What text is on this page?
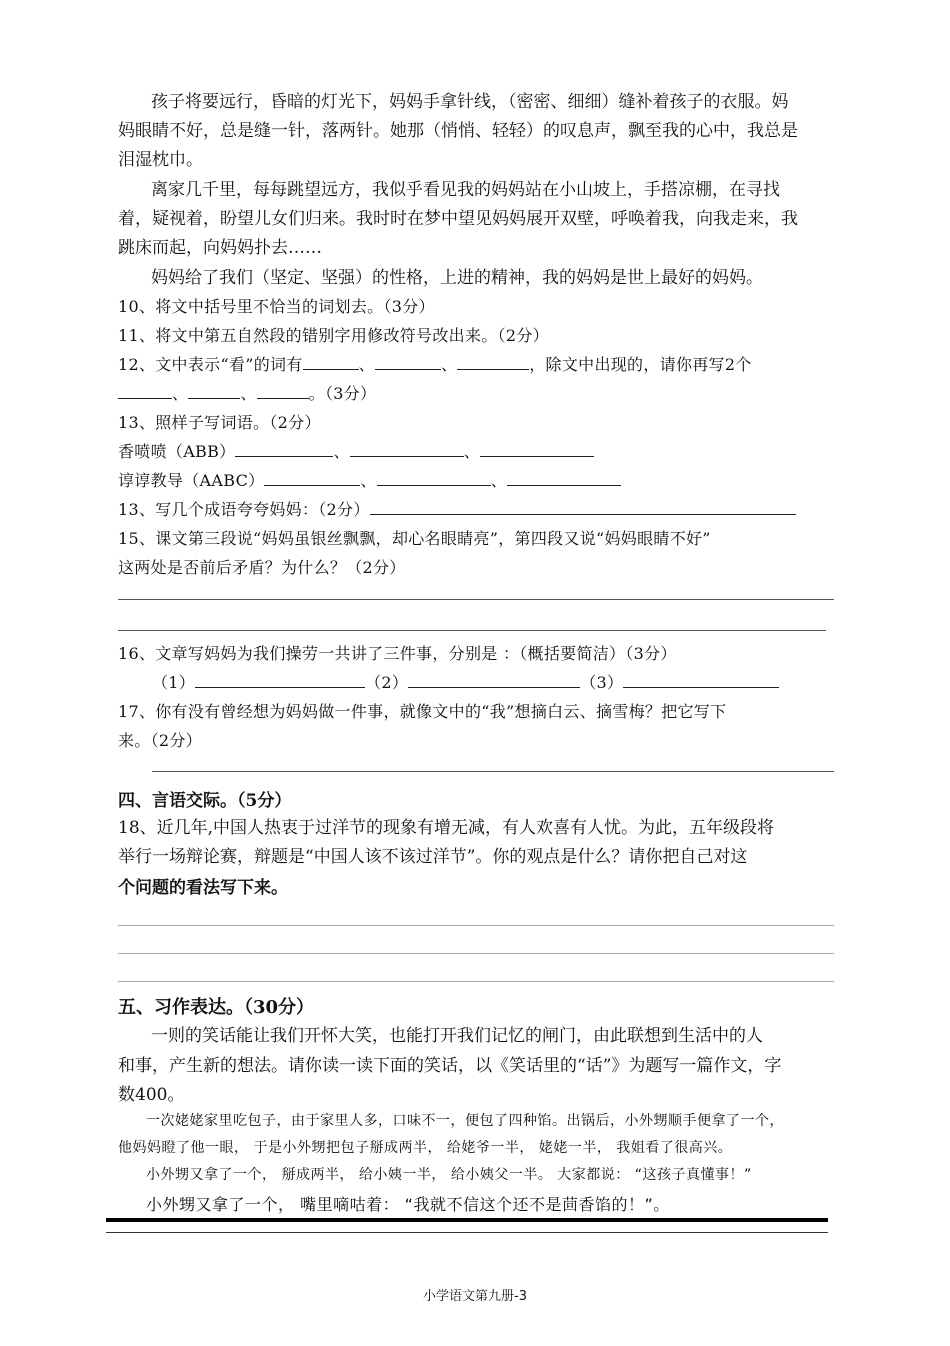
孩子将要远行，昏暗的灯光下，妈妈手拿针线，（密密、细细）缝补着孩子的衣服。妈
妈眼睛不好，总是缝一针，落两针。她那（悄悄、轻轻）的叹息声，飘至我的心中，我总是
泪湿枕巾。
离家几千里，每每跳望远方，我似乎看见我的妈妈站在小山坡上，手搭凉棚，在寻找
着，疑视着，盼望儿女们归来。我时时在梦中望见妈妈展开双壁，呼唤着我，向我走来，我
跳床而起，向妈妈扑去……
妈妈给了我们（坚定、坚强）的性格，上进的精神，我的妈妈是世上最好的妈妈。
10、将文中括号里不恰当的词划去。（3分）
11、将文中第五自然段的错别字用修改符号改出来。（2分）
12、文中表示“看”的词有	、	、	，除文中出现的，请你再写2个
、	、	。（3分）
13、照样子写词语。（2分）
香喷喷（ABB）	、	、
谆谆教导（AABC）	、	、
13、写几个成语夸夸妈妈：（2分）
15、课文第三段说“妈妈虽银丝飘飘，却心名眼睛亮”，第四段又说“妈妈眼睛不好”
这两处是否前后矛盾？为什么？（2分）
16、文章写妈妈为我们操劳一共讲了三件事，分别是 ：（概括要简洁）（3分）
（1）	（2）	（3）
17、你有没有曾经想为妈妈做一件事，就像文中的“我”想摘白云、摘雪梅？把它写下
来。（2分）
四、言语交际。（5分）
18、近几年,中国人热衷于过洋节的现象有增无减，有人欢喜有人忧。为此，五年级段将
举行一场辩论赛，辩题是“中国人该不该过洋节”。你的观点是什么？请你把自己对这
个问题的看法写下来。
五、习作表达。（30分）
一则的笑话能让我们开怀大笑，也能打开我们记忆的闸门，由此联想到生活中的人
和事，产生新的想法。请你读一读下面的笑话，以《笑话里的“话”》为题写一篇作文，字
数400。
一次姥姥家里吃包子，由于家里人多，口味不一，便包了四种馅。出锅后，小外甥顺手便拿了一个，
他妈妈瞪了他一眼， 于是小外甥把包子掰成两半， 给姥爷一半， 姥姥一半， 我姐看了很高兴。
小外甥又拿了一个， 掰成两半， 给小姨一半， 给小姨父一半。 大家都说： “这孩子真懂事！”
小外甥又拿了一个， 嘴里嘀咕着： “我就不信这个还不是茴香馅的！”。
小学语文第九册-3
